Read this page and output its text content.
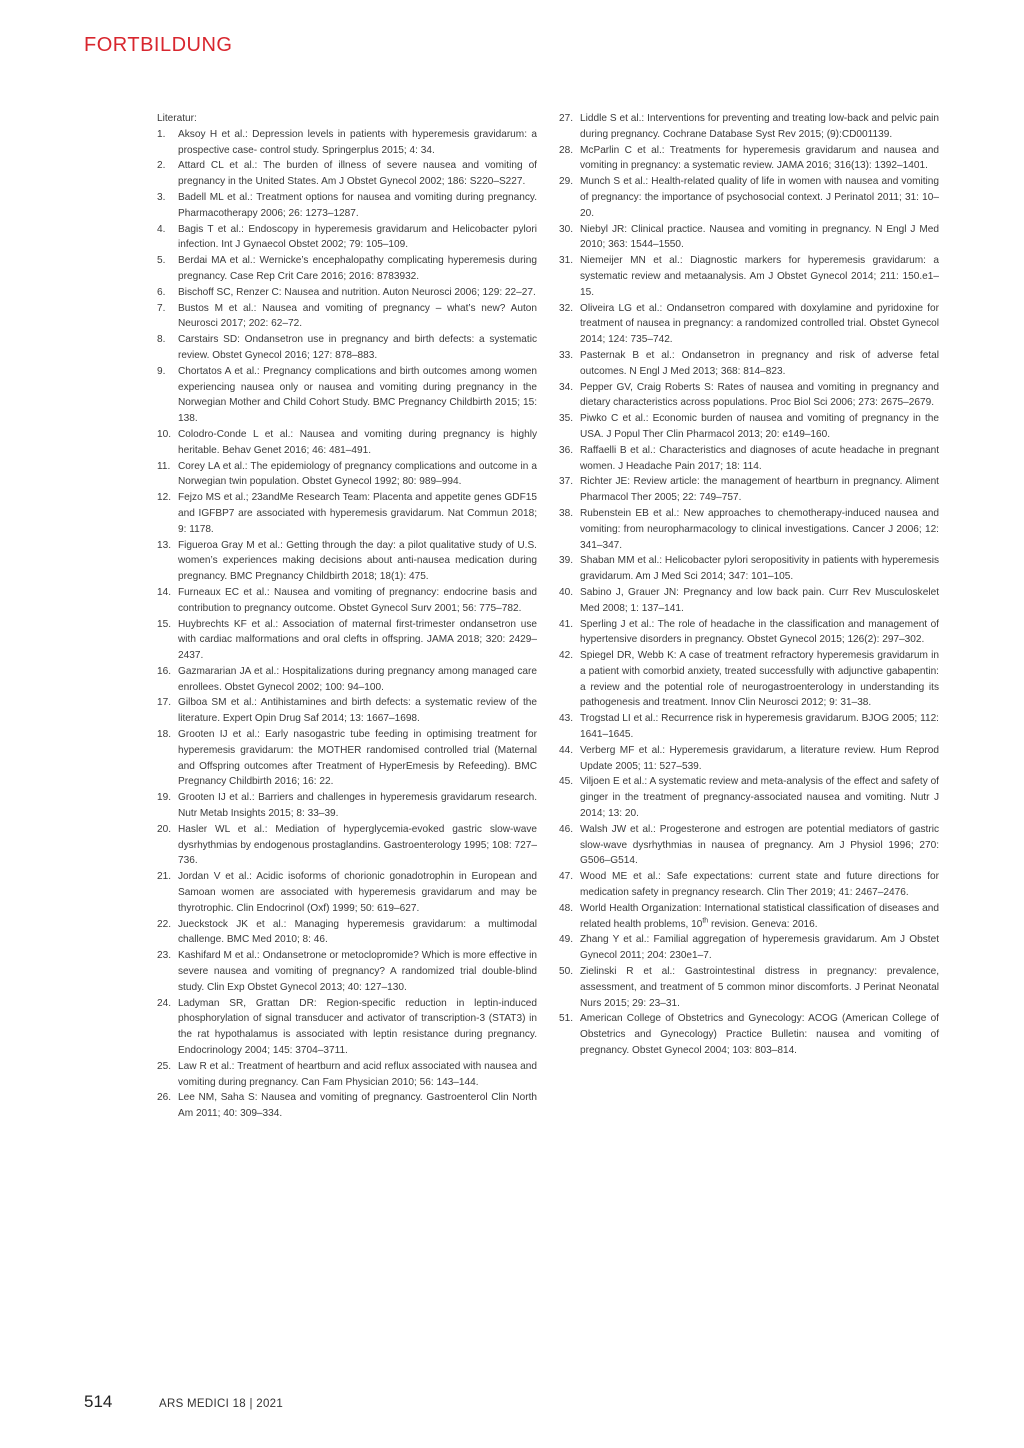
FORTBILDUNG

Literatur:

1.	Aksoy H et al.: Depression levels in patients with hyperemesis gravidarum: a prospective case- control study. Springerplus 2015; 4: 34.
2.	Attard CL et al.: The burden of illness of severe nausea and vomiting of pregnancy in the United States. Am J Obstet Gynecol 2002; 186: S220–S227.
3.	Badell ML et al.: Treatment options for nausea and vomiting during pregnancy. Pharmacotherapy 2006; 26: 1273–1287.
4.	Bagis T et al.: Endoscopy in hyperemesis gravidarum and Helicobacter pylori infection. Int J Gynaecol Obstet 2002; 79: 105–109.
5.	Berdai MA et al.: Wernicke’s encephalopathy complicating hyperemesis during pregnancy. Case Rep Crit Care 2016; 2016: 8783932.
6.	Bischoff SC, Renzer C: Nausea and nutrition. Auton Neurosci 2006; 129: 22–27.
7.	Bustos M et al.: Nausea and vomiting of pregnancy – what’s new? Auton Neurosci 2017; 202: 62–72.
8.	Carstairs SD: Ondansetron use in pregnancy and birth defects: a systematic review. Obstet Gynecol 2016; 127: 878–883.
9.	Chortatos A et al.: Pregnancy complications and birth outcomes among women experiencing nausea only or nausea and vomiting during pregnancy in the Norwegian Mother and Child Cohort Study. BMC Pregnancy Childbirth 2015; 15: 138.
10. Colodro-Conde L et al.: Nausea and vomiting during pregnancy is highly heritable. Behav Genet 2016; 46: 481–491.
11. Corey LA et al.: The epidemiology of pregnancy complications and outcome in a Norwegian twin population. Obstet Gynecol 1992; 80: 989–994.
12. Fejzo MS et al.; 23andMe Research Team: Placenta and appetite genes GDF15 and IGFBP7 are associated with hyperemesis gravidarum. Nat Commun 2018; 9: 1178.
13. Figueroa Gray M et al.: Getting through the day: a pilot qualitative study of U.S. women’s experiences making decisions about anti-nausea medication during pregnancy. BMC Pregnancy Childbirth 2018; 18(1): 475.
14. Furneaux EC et al.: Nausea and vomiting of pregnancy: endocrine basis and contribution to pregnancy outcome. Obstet Gynecol Surv 2001; 56: 775–782.
15. Huybrechts KF et al.: Association of maternal first-trimester ondansetron use with cardiac malformations and oral clefts in offspring. JAMA 2018; 320: 2429–2437.
16. Gazmararian JA et al.: Hospitalizations during pregnancy among managed care enrollees. Obstet Gynecol 2002; 100: 94–100.
17. Gilboa SM et al.: Antihistamines and birth defects: a systematic review of the literature. Expert Opin Drug Saf 2014; 13: 1667–1698.
18. Grooten IJ et al.: Early nasogastric tube feeding in optimising treatment for hyperemesis gravidarum: the MOTHER randomised controlled trial (Maternal and Offspring outcomes after Treatment of HyperEmesis by Refeeding). BMC Pregnancy Childbirth 2016; 16: 22.
19. Grooten IJ et al.: Barriers and challenges in hyperemesis gravidarum research. Nutr Metab Insights 2015; 8: 33–39.
20. Hasler WL et al.: Mediation of hyperglycemia-evoked gastric slow-wave dysrhythmias by endogenous prostaglandins. Gastroenterology 1995; 108: 727–736.
21. Jordan V et al.: Acidic isoforms of chorionic gonadotrophin in European and Samoan women are associated with hyperemesis gravidarum and may be thyrotrophic. Clin Endocrinol (Oxf) 1999; 50: 619–627.
22. Jueckstock JK et al.: Managing hyperemesis gravidarum: a multimodal challenge. BMC Med 2010; 8: 46.
23. Kashifard M et al.: Ondansetrone or metoclopromide? Which is more effective in severe nausea and vomiting of pregnancy? A randomized trial double-blind study. Clin Exp Obstet Gynecol 2013; 40: 127–130.
24. Ladyman SR, Grattan DR: Region-specific reduction in leptin-induced phosphorylation of signal transducer and activator of transcription-3 (STAT3) in the rat hypothalamus is associated with leptin resistance during pregnancy. Endocrinology 2004; 145: 3704–3711.
25. Law R et al.: Treatment of heartburn and acid reflux associated with nausea and vomiting during pregnancy. Can Fam Physician 2010; 56: 143–144.
26. Lee NM, Saha S: Nausea and vomiting of pregnancy. Gastroenterol Clin North Am 2011; 40: 309–334.
27. Liddle S et al.: Interventions for preventing and treating low-back and pelvic pain during pregnancy. Cochrane Database Syst Rev 2015; (9):CD001139.
28. McParlin C et al.: Treatments for hyperemesis gravidarum and nausea and vomiting in pregnancy: a systematic review. JAMA 2016; 316(13): 1392–1401.
29. Munch S et al.: Health-related quality of life in women with nausea and vomiting of pregnancy: the importance of psychosocial context. J Perinatol 2011; 31: 10–20.
30. Niebyl JR: Clinical practice. Nausea and vomiting in pregnancy. N Engl J Med 2010; 363: 1544–1550.
31. Niemeijer MN et al.: Diagnostic markers for hyperemesis gravidarum: a systematic review and metaanalysis. Am J Obstet Gynecol 2014; 211: 150.e1–15.
32. Oliveira LG et al.: Ondansetron compared with doxylamine and pyridoxine for treatment of nausea in pregnancy: a randomized controlled trial. Obstet Gynecol 2014; 124: 735–742.
33. Pasternak B et al.: Ondansetron in pregnancy and risk of adverse fetal outcomes. N Engl J Med 2013; 368: 814–823.
34. Pepper GV, Craig Roberts S: Rates of nausea and vomiting in pregnancy and dietary characteristics across populations. Proc Biol Sci 2006; 273: 2675–2679.
35. Piwko C et al.: Economic burden of nausea and vomiting of pregnancy in the USA. J Popul Ther Clin Pharmacol 2013; 20: e149–160.
36. Raffaelli B et al.: Characteristics and diagnoses of acute headache in pregnant women. J Headache Pain 2017; 18: 114.
37. Richter JE: Review article: the management of heartburn in pregnancy. Aliment Pharmacol Ther 2005; 22: 749–757.
38. Rubenstein EB et al.: New approaches to chemotherapy-induced nausea and vomiting: from neuropharmacology to clinical investigations. Cancer J 2006; 12: 341–347.
39. Shaban MM et al.: Helicobacter pylori seropositivity in patients with hyperemesis gravidarum. Am J Med Sci 2014; 347: 101–105.
40. Sabino J, Grauer JN: Pregnancy and low back pain. Curr Rev Musculoskelet Med 2008; 1: 137–141.
41. Sperling J et al.: The role of headache in the classification and management of hypertensive disorders in pregnancy. Obstet Gynecol 2015; 126(2): 297–302.
42. Spiegel DR, Webb K: A case of treatment refractory hyperemesis gravidarum in a patient with comorbid anxiety, treated successfully with adjunctive gabapentin: a review and the potential role of neurogastroenterology in understanding its pathogenesis and treatment. Innov Clin Neurosci 2012; 9: 31–38.
43. Trogstad LI et al.: Recurrence risk in hyperemesis gravidarum. BJOG 2005; 112: 1641–1645.
44. Verberg MF et al.: Hyperemesis gravidarum, a literature review. Hum Reprod Update 2005; 11: 527–539.
45. Viljoen E et al.: A systematic review and meta-analysis of the effect and safety of ginger in the treatment of pregnancy-associated nausea and vomiting. Nutr J 2014; 13: 20.
46. Walsh JW et al.: Progesterone and estrogen are potential mediators of gastric slow-wave dysrhythmias in nausea of pregnancy. Am J Physiol 1996; 270: G506–G514.
47. Wood ME et al.: Safe expectations: current state and future directions for medication safety in pregnancy research. Clin Ther 2019; 41: 2467–2476.
48. World Health Organization: International statistical classification of diseases and related health problems, 10th revision. Geneva: 2016.
49. Zhang Y et al.: Familial aggregation of hyperemesis gravidarum. Am J Obstet Gynecol 2011; 204: 230e1–7.
50. Zielinski R et al.: Gastrointestinal distress in pregnancy: prevalence, assessment, and treatment of 5 common minor discomforts. J Perinat Neonatal Nurs 2015; 29: 23–31.
51. American College of Obstetrics and Gynecology: ACOG (American College of Obstetrics and Gynecology) Practice Bulletin: nausea and vomiting of pregnancy. Obstet Gynecol 2004; 103: 803–814.
514	ARS MEDICI 18 | 2021
